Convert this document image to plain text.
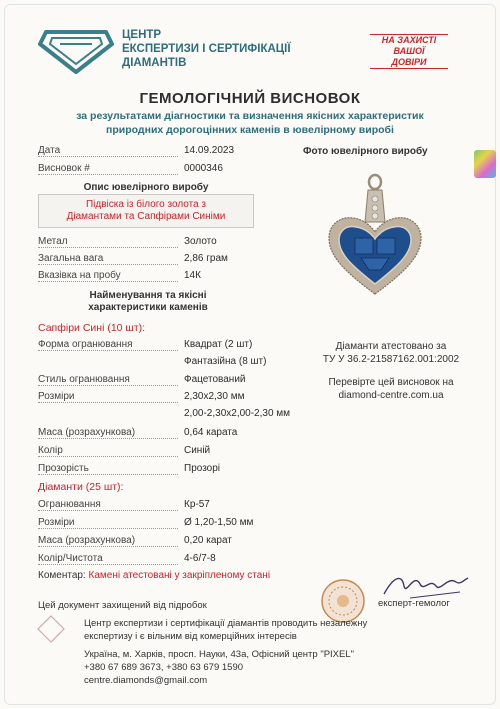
ЦЕНТР
ЕКСПЕРТИЗИ І СЕРТИФІКАЦІЇ
ДІАМАНТІВ
НА ЗАХИСТІ
ВАШОЇ
ДОВІРИ
ГЕМОЛОГІЧНИЙ ВИСНОВОК
за результатами діагностики та визначення якісних характеристик
природних дорогоцінних каменів в ювелірному виробі
Дата	14.09.2023
Висновок #	0000346
Фото ювелірного виробу
Опис ювелірного виробу
Підвіска із білого золота з
Діамантами та Сапфірами Синіми
Метал	Золото
Загальна вага	2,86 грам
Вказівка на пробу	14К
Найменування та якісні
характеристики каменів
Сапфіри Сині (10 шт):
Форма огранювання	Квадрат (2 шт)
Фантазійна (8 шт)
Стиль огранювання	Фацетований
Розміри	2,30x2,30 мм
2,00-2,30x2,00-2,30 мм
Маса (розрахункова)	0,64 карата
Колір	Синій
Прозорість	Прозорі
Діаманти (25 шт):
Огранювання	Кр-57
Розміри	Ø 1,20-1,50 мм
Маса (розрахункова)	0,20 карат
Колір/Чистота	4-6/7-8
Коментар: Камені атестовані у закріпленому стані
Діаманти атестовано за
ТУ У 36.2-21587162.001:2002
Перевірте цей висновок на
diamond-centre.com.ua
експерт-гемолог
Цей документ захищений від підробок
Центр експертизи і сертифікації діамантів проводить незалежну
експертизу і є вільним від комерційних інтересів
Україна, м. Харків, просп. Науки, 43а, Офісний центр "PIXEL"
+380 67 689 3673, +380 63 679 1590
centre.diamonds@gmail.com
